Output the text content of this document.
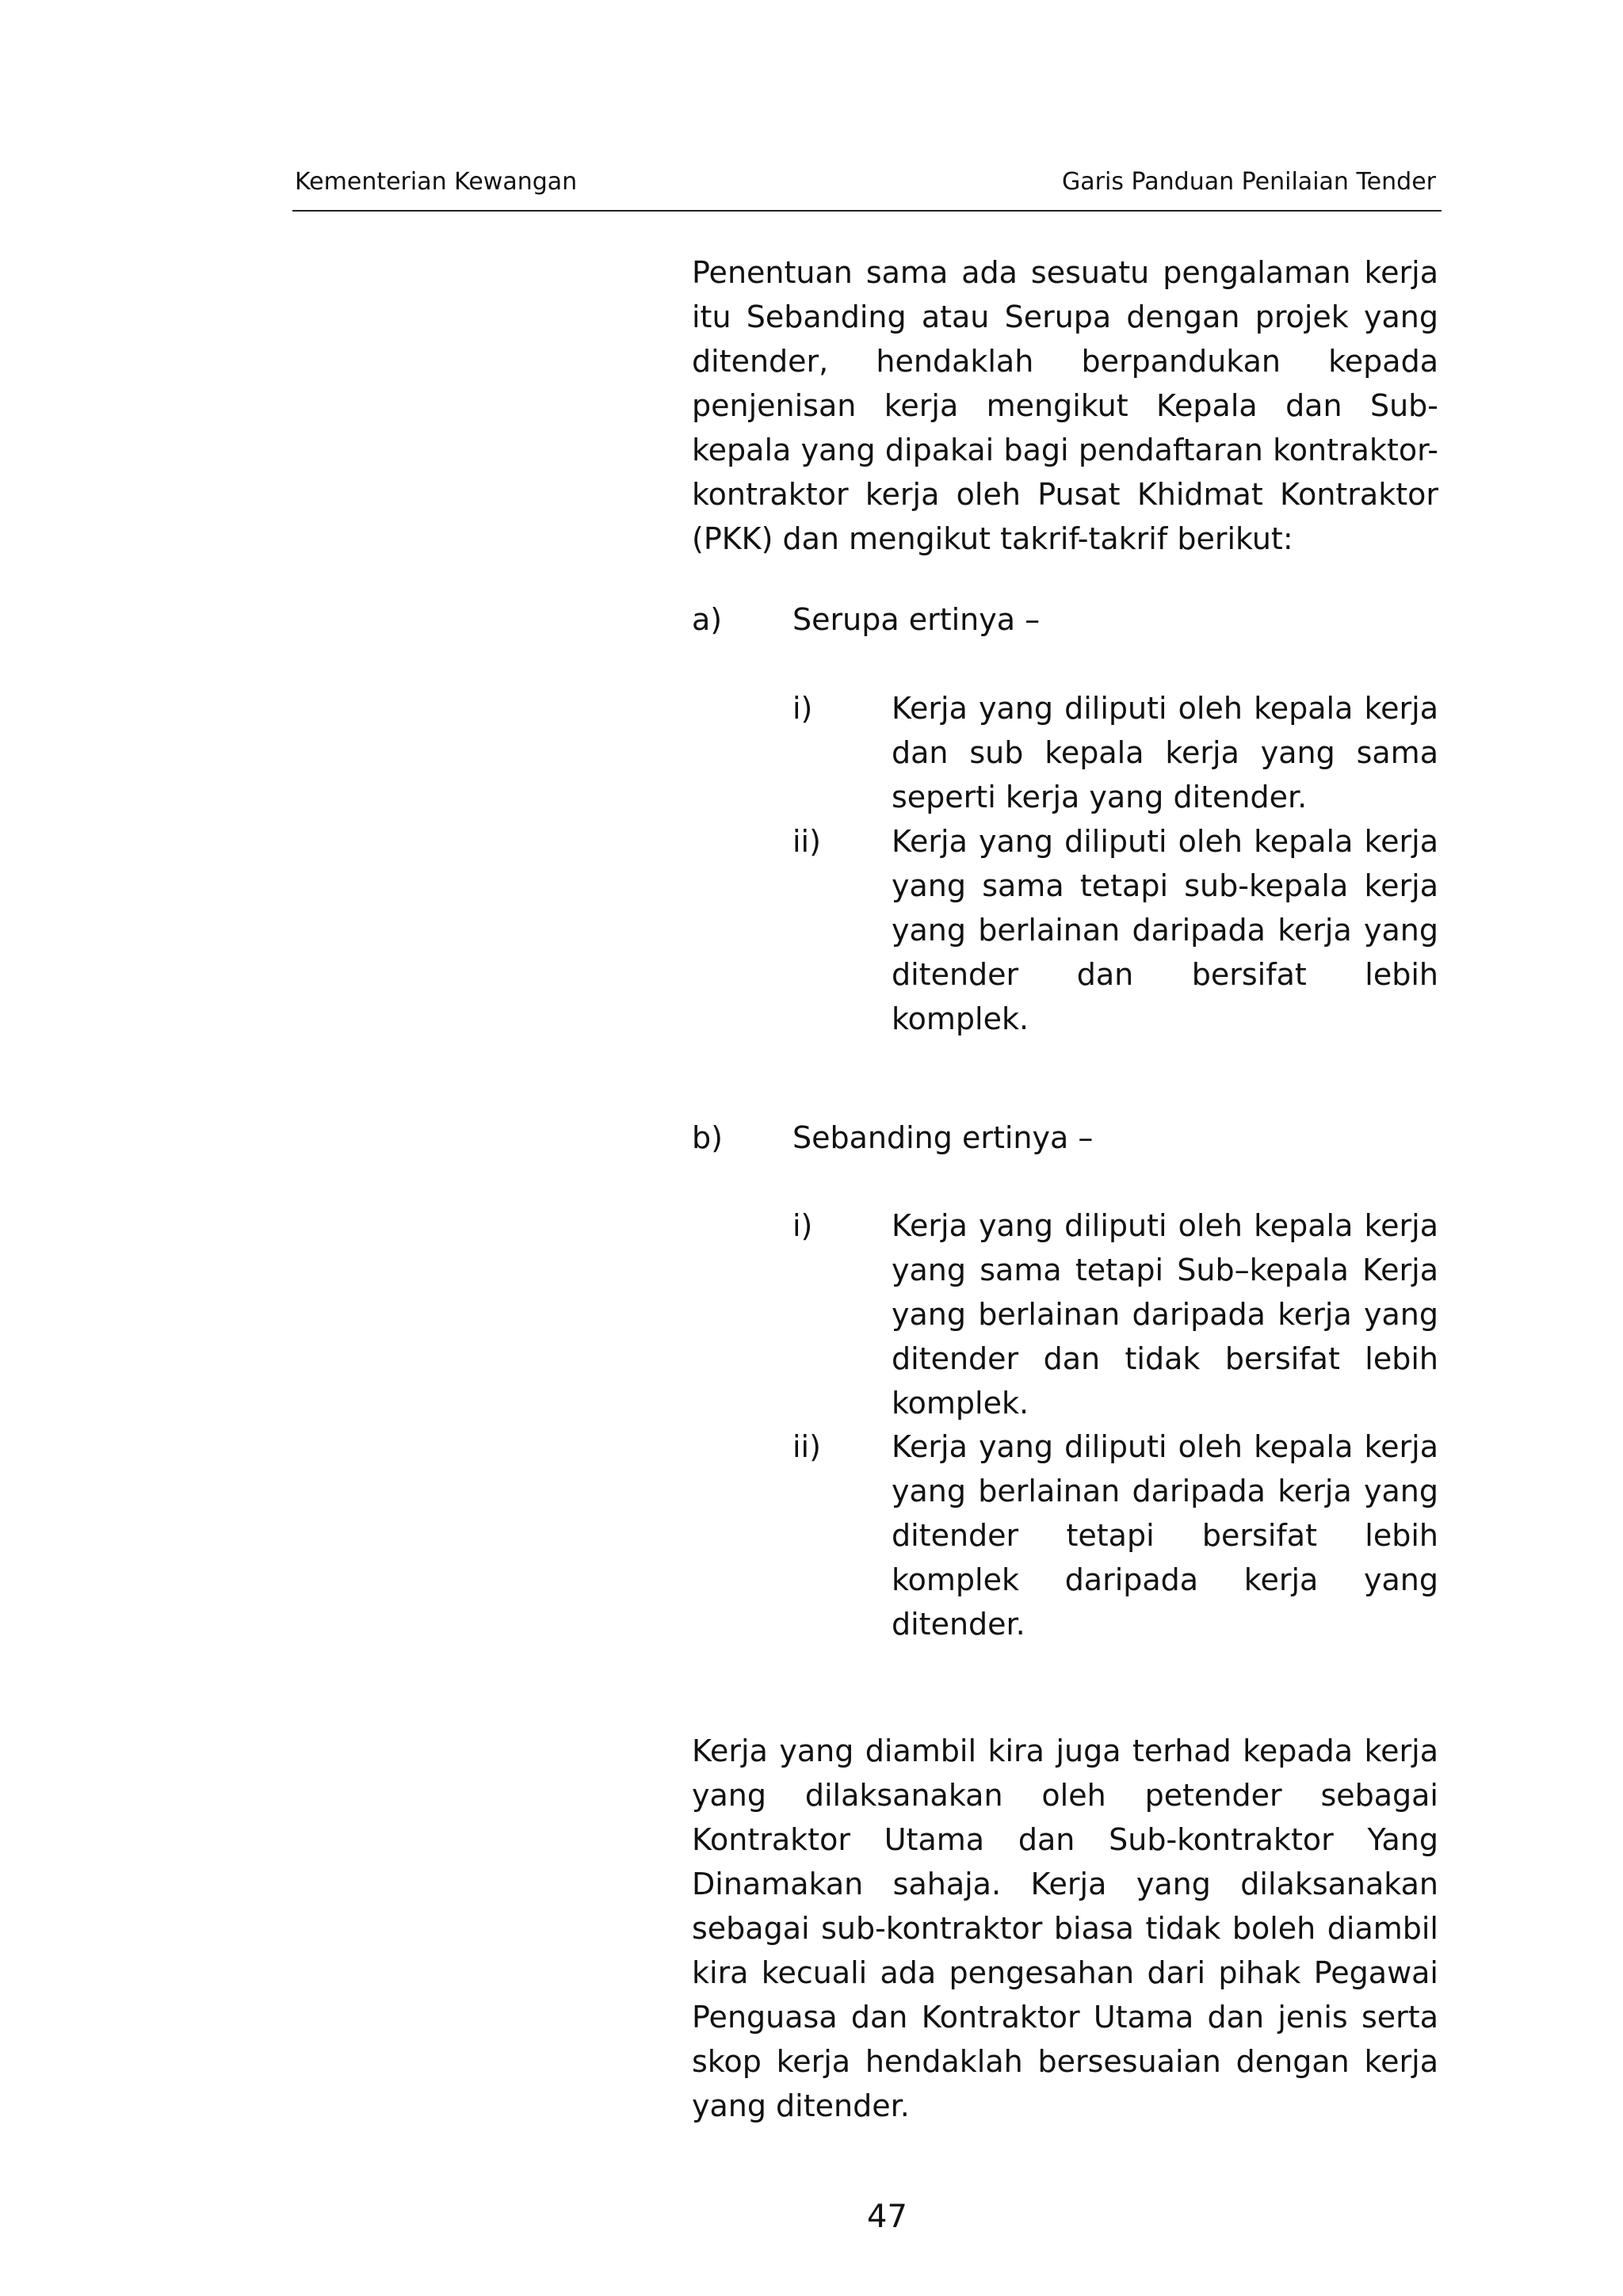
Kementerian Kewangan	Garis Panduan Penilaian Tender
Penentuan sama ada sesuatu pengalaman kerja
itu Sebanding atau Serupa dengan projek yang
ditender, hendaklah berpandukan kepada
penjenisan kerja mengikut Kepala dan Sub-
kepala yang dipakai bagi pendaftaran kontraktor-
kontraktor kerja oleh Pusat Khidmat Kontraktor
(PKK) dan mengikut takrif-takrif berikut:
a) Serupa ertinya –
i)	Kerja yang diliputi oleh kepala kerja
dan sub kepala kerja yang sama
seperti kerja yang ditender.
ii) Kerja yang diliputi oleh kepala kerja
yang sama tetapi sub-kepala kerja
yang berlainan daripada kerja yang
ditender dan bersifat lebih
komplek.
b) Sebanding ertinya –
i)	Kerja yang diliputi oleh kepala kerja
yang sama tetapi Sub–kepala Kerja
yang berlainan daripada kerja yang
ditender dan tidak bersifat lebih
komplek.
ii) Kerja yang diliputi oleh kepala kerja
yang berlainan daripada kerja yang
ditender tetapi bersifat lebih
komplek daripada kerja yang
ditender.
Kerja yang diambil kira juga terhad kepada kerja
yang dilaksanakan oleh petender sebagai
Kontraktor Utama dan Sub-kontraktor Yang
Dinamakan sahaja. Kerja yang dilaksanakan
sebagai sub-kontraktor biasa tidak boleh diambil
kira kecuali ada pengesahan dari pihak Pegawai
Penguasa dan Kontraktor Utama dan jenis serta
skop kerja hendaklah bersesuaian dengan kerja
yang ditender.
47
